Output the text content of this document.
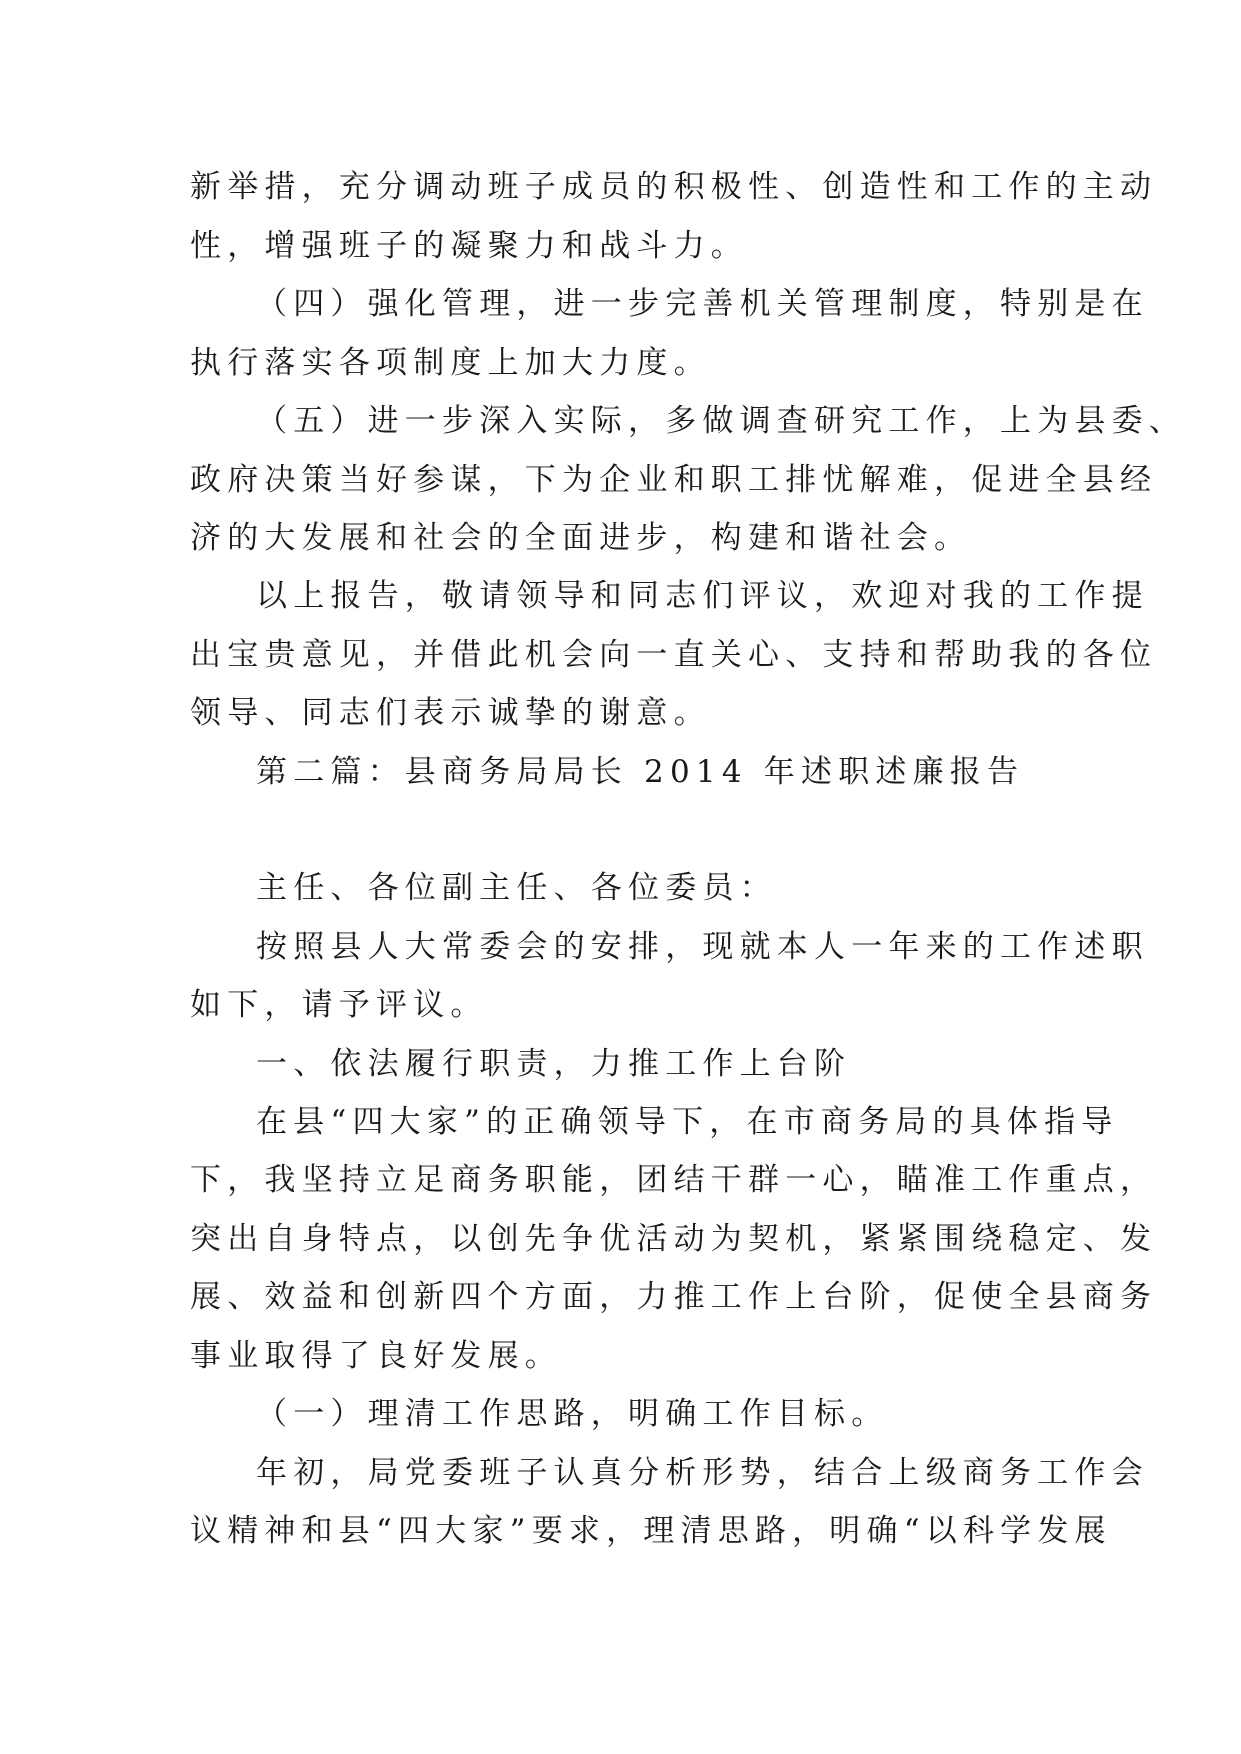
新举措，充分调动班子成员的积极性、创造性和工作的主动
性，增强班子的凝聚力和战斗力。
（四）强化管理，进一步完善机关管理制度，特别是在
执行落实各项制度上加大力度。
（五）进一步深入实际，多做调查研究工作，上为县委、
政府决策当好参谋，下为企业和职工排忧解难，促进全县经
济的大发展和社会的全面进步，构建和谐社会。
以上报告，敬请领导和同志们评议，欢迎对我的工作提
出宝贵意见，并借此机会向一直关心、支持和帮助我的各位
领导、同志们表示诚挚的谢意。
第二篇：县商务局局长 2014 年述职述廉报告
主任、各位副主任、各位委员：
按照县人大常委会的安排，现就本人一年来的工作述职
如下，请予评议。
一、依法履行职责，力推工作上台阶
在县“四大家”的正确领导下，在市商务局的具体指导
下，我坚持立足商务职能，团结干群一心，瞄准工作重点，
突出自身特点，以创先争优活动为契机，紧紧围绕稳定、发
展、效益和创新四个方面，力推工作上台阶，促使全县商务
事业取得了良好发展。
（一）理清工作思路，明确工作目标。
年初，局党委班子认真分析形势，结合上级商务工作会
议精神和县“四大家”要求，理清思路，明确“以科学发展
